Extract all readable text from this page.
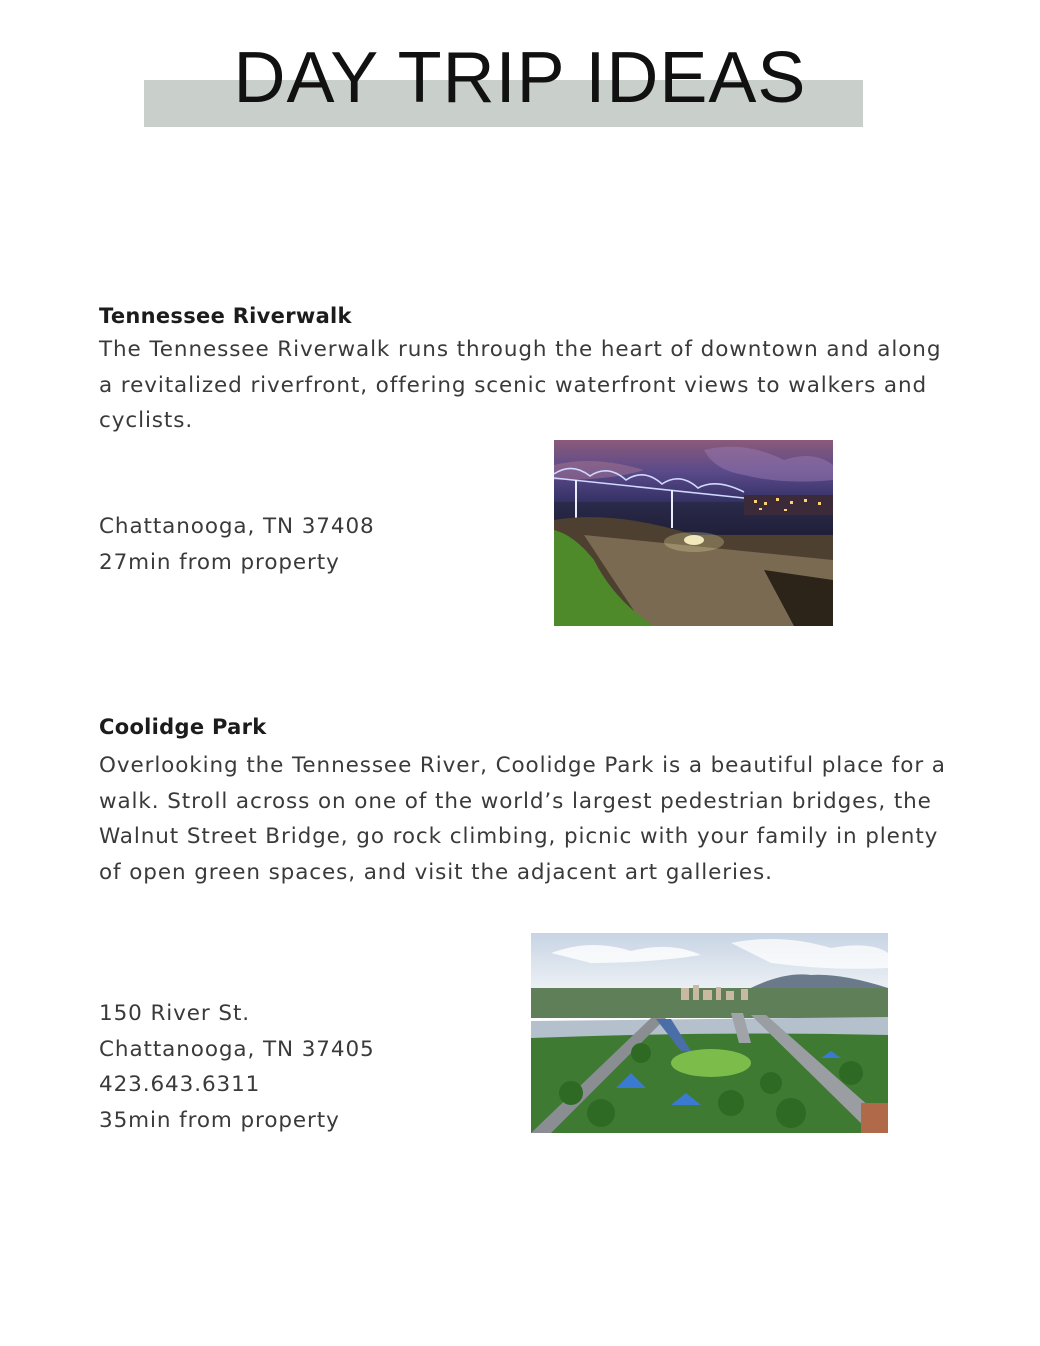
DAY TRIP IDEAS
Tennessee Riverwalk

The Tennessee Riverwalk runs through the heart of downtown and along a revitalized riverfront, offering scenic waterfront views to walkers and cyclists.

Chattanooga, TN 37408
27min from property
Coolidge Park

Overlooking the Tennessee River, Coolidge Park is a beautiful place for a walk. Stroll across on one of the world’s largest pedestrian bridges, the Walnut Street Bridge, go rock climbing, picnic with your family in plenty of open green spaces, and visit the adjacent art galleries.

150 River St.
Chattanooga, TN 37405
423.643.6311
35min from property
